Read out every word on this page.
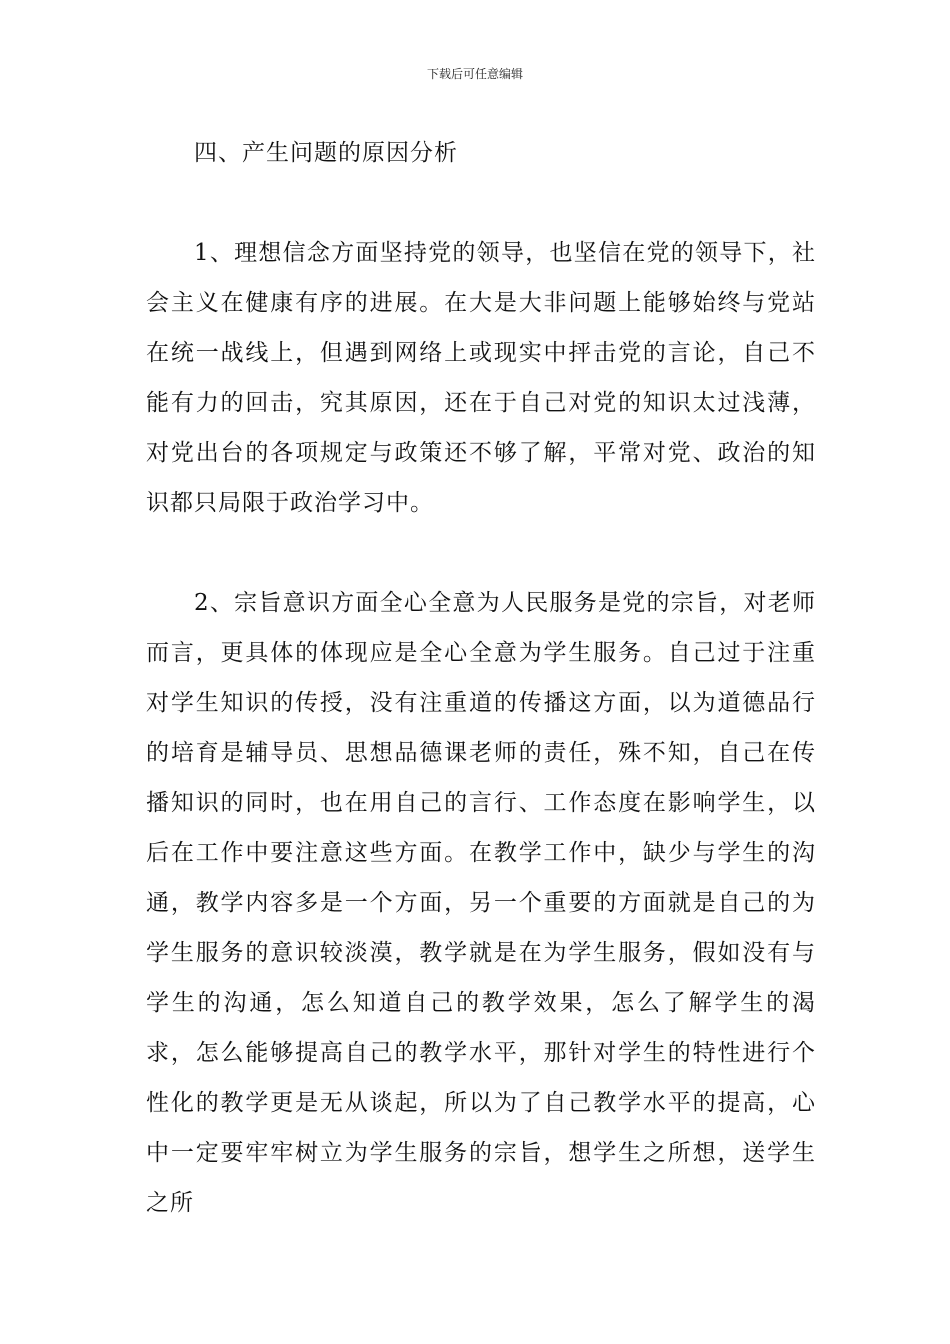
下载后可任意编辑

四、产生问题的原因分析

1、理想信念方面坚持党的领导，也坚信在党的领导下，社会主义在健康有序的进展。在大是大非问题上能够始终与党站在统一战线上，但遇到网络上或现实中抨击党的言论，自己不能有力的回击，究其原因，还在于自己对党的知识太过浅薄，对党出台的各项规定与政策还不够了解，平常对党、政治的知识都只局限于政治学习中。

2、宗旨意识方面全心全意为人民服务是党的宗旨，对老师而言，更具体的体现应是全心全意为学生服务。自己过于注重对学生知识的传授，没有注重道的传播这方面，以为道德品行的培育是辅导员、思想品德课老师的责任，殊不知，自己在传播知识的同时，也在用自己的言行、工作态度在影响学生，以后在工作中要注意这些方面。在教学工作中，缺少与学生的沟通，教学内容多是一个方面，另一个重要的方面就是自己的为学生服务的意识较淡漠，教学就是在为学生服务，假如没有与学生的沟通，怎么知道自己的教学效果，怎么了解学生的渴求，怎么能够提高自己的教学水平，那针对学生的特性进行个性化的教学更是无从谈起，所以为了自己教学水平的提高，心中一定要牢牢树立为学生服务的宗旨，想学生之所想，送学生之所
